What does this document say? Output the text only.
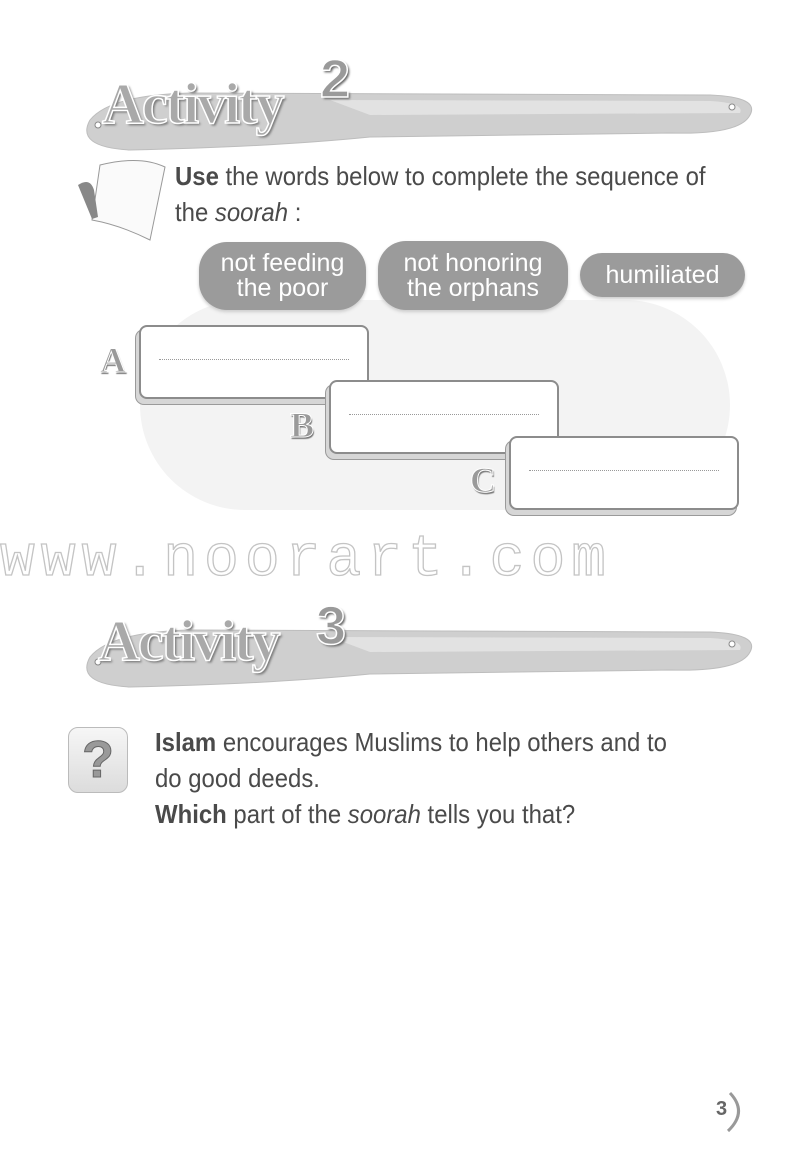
Activity 2
Use the words below to complete the sequence of
the soorah :
not feeding
the poor
not honoring
the orphans	humiliated
A
B
C
www.noorart.com
Activity 3
?	Islam encourages Muslims to help others and to
do good deeds.
Which part of the soorah tells you that?
3
